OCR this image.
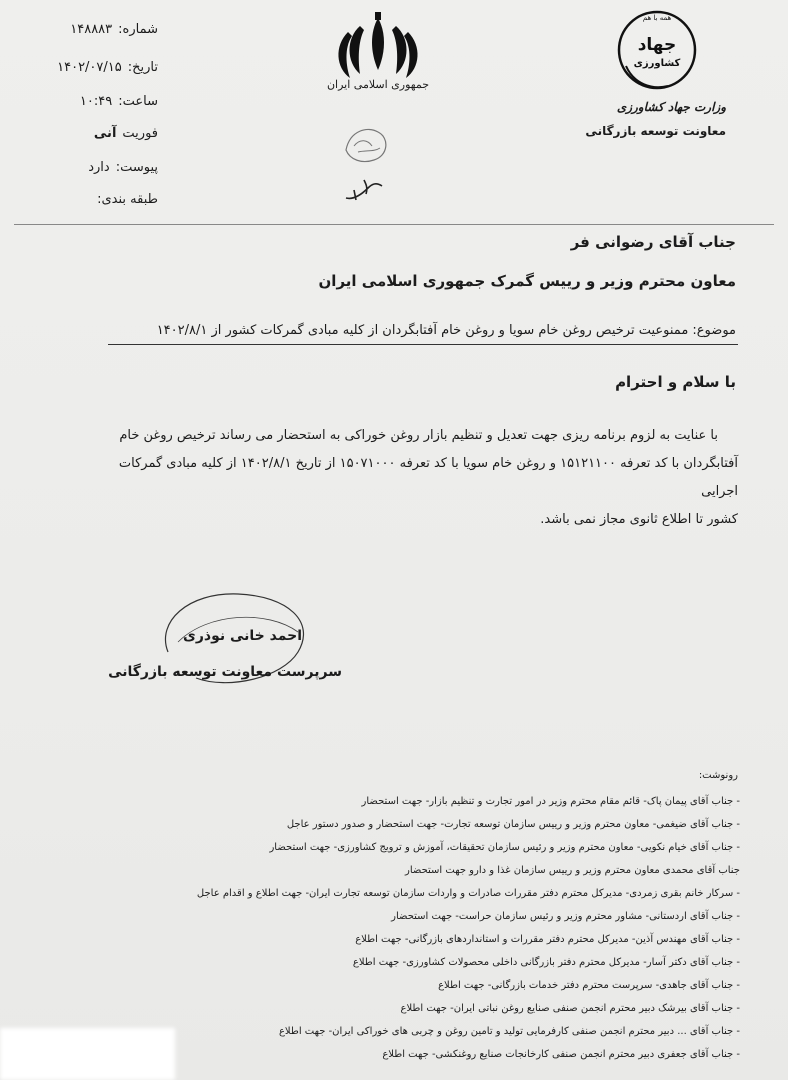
شماره:۱۴۸۸۸۳
تاریخ:۱۴۰۲/۰۷/۱۵
ساعت:۱۰:۴۹
فوریتآنی
پیوست:دارد
طبقه بندی:
جمهوری اسلامی ایران
همه با هم
جهاد
کشاورزی
وزارت جهاد کشاورزی
معاونت توسعه بازرگانی
جناب آقای رضوانی فر
معاون محترم وزیر و رییس گمرک جمهوری اسلامی ایران
موضوع: ممنوعیت ترخیص روغن خام سویا و روغن خام آفتابگردان از کلیه مبادی گمرکات کشور از ۱۴۰۲/۸/۱
با سلام و احترام

با عنایت به لزوم برنامه ریزی جهت تعدیل و تنظیم بازار روغن خوراکی به استحضار می رساند ترخیص روغن خام

آفتابگردان با کد تعرفه ۱۵۱۲۱۱۰۰ و روغن خام سویا با کد تعرفه ۱۵۰۷۱۰۰۰ از تاریخ ۱۴۰۲/۸/۱ از کلیه مبادی گمرکات اجرایی

کشور تا اطلاع ثانوی مجاز نمی باشد.

احمد خانی نوذری
سرپرست معاونت توسعه بازرگانی
رونوشت:
- جناب آقای پیمان پاک- قائم مقام محترم وزیر در امور تجارت و تنظیم بازار- جهت استحضار
- جناب آقای ضیغمی- معاون محترم وزیر و رییس سازمان توسعه تجارت- جهت استحضار و صدور دستور عاجل
- جناب آقای خیام نکویی- معاون محترم وزیر و رئیس سازمان تحقیقات، آموزش و ترویج کشاورزی- جهت استحضار
جناب آقای محمدی معاون محترم وزیر و رییس سازمان غذا و دارو جهت استحضار
- سرکار خانم بقری زمردی- مدیرکل محترم دفتر مقررات صادرات و واردات سازمان توسعه تجارت ایران- جهت اطلاع و اقدام عاجل
- جناب آقای اردستانی- مشاور محترم وزیر و رئیس سازمان حراست- جهت استحضار
- جناب آقای مهندس آذین- مدیرکل محترم دفتر مقررات و استانداردهای بازرگانی- جهت اطلاع
- جناب آقای دکتر آسار- مدیرکل محترم دفتر بازرگانی داخلی محصولات کشاورزی- جهت اطلاع
- جناب آقای جاهدی- سرپرست محترم دفتر خدمات بازرگانی- جهت اطلاع
- جناب آقای بیرشک دبیر محترم انجمن صنفی صنایع روغن نباتی ایران- جهت اطلاع
- جناب آقای ... دبیر محترم انجمن صنفی کارفرمایی تولید و تامین روغن و چربی های خوراکی ایران- جهت اطلاع
- جناب آقای جعفری دبیر محترم انجمن صنفی کارخانجات صنایع روغنکشی- جهت اطلاع
